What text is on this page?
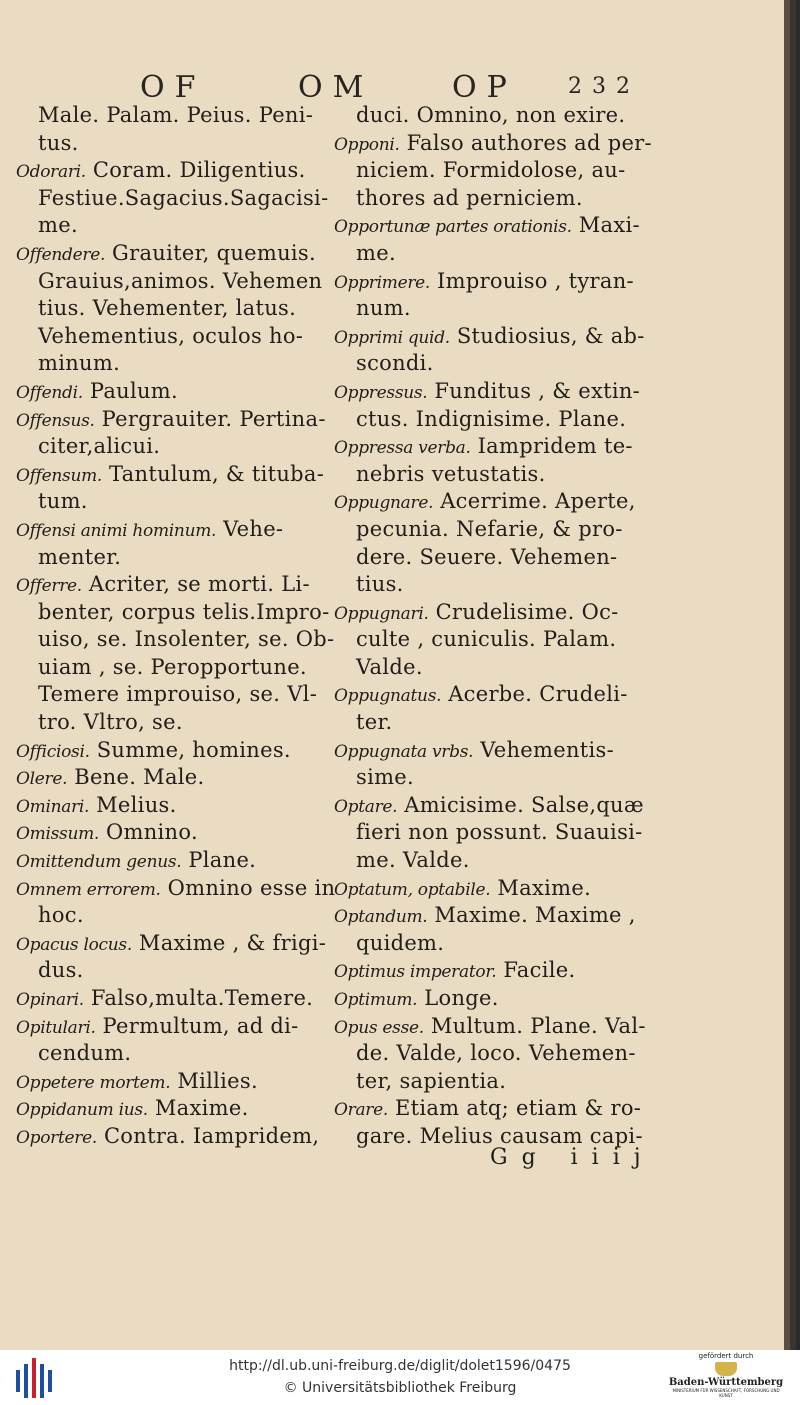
OF	OM	OP 232
Male. Palam. Peius. Peni-
tus.
Odorari. Coram. Diligentius.
Festiue.Sagacius.Sagacisi-
me.
Offendere. Grauiter, quemuis.
Grauius,animos. Vehemen
tius. Vehementer, latus.
Vehementius, oculos ho-
minum.
Offendi. Paulum.
Offensus. Pergrauiter. Pertina-
citer,alicui.
Offensum. Tantulum, & tituba-
tum.
Offensi animi hominum. Vehe-
menter.
Offerre. Acriter, se morti. Li-
benter, corpus telis.Impro-
uiso, se. Insolenter, se. Ob-
uiam , se. Peropportune.
Temere improuiso, se. Vl-
tro. Vltro, se.
Officiosi. Summe, homines.
Olere. Bene. Male.
Ominari. Melius.
Omissum. Omnino.
Omittendum genus. Plane.
Omnem errorem. Omnino esse in
hoc.
Opacus locus. Maxime , & frigi-
dus.
Opinari. Falso,multa.Temere.
Opitulari. Permultum, ad di-
cendum.
Oppetere mortem. Millies.
Oppidanum ius. Maxime.
Oportere. Contra. Iampridem,
duci. Omnino, non exire.
Opponi. Falso authores ad per-
niciem. Formidolose, au-
thores ad perniciem.
Opportunæ partes orationis. Maxi-
me.
Opprimere. Improuiso , tyran-
num.
Opprimi quid. Studiosius, & ab-
scondi.
Oppressus. Funditus , & extin-
ctus. Indignisime. Plane.
Oppressa verba. Iampridem te-
nebris vetustatis.
Oppugnare. Acerrime. Aperte,
pecunia. Nefarie, & pro-
dere. Seuere. Vehemen-
tius.
Oppugnari. Crudelisime. Oc-
culte , cuniculis. Palam.
Valde.
Oppugnatus. Acerbe. Crudeli-
ter.
Oppugnata vrbs. Vehementis-
sime.
Optare. Amicisime. Salse,quæ
fieri non possunt. Suauisi-
me. Valde.
Optatum, optabile. Maxime.
Optandum. Maxime. Maxime ,
quidem.
Optimus imperator. Facile.
Optimum. Longe.
Opus esse. Multum. Plane. Val-
de. Valde, loco. Vehemen-
ter, sapientia.
Orare. Etiam atq; etiam & ro-
gare. Melius causam capi-
Gg iiij
http://dl.ub.uni-freiburg.de/diglit/dolet1596/0475
© Universitätsbibliothek Freiburg
gefördert durch
Baden-Württemberg
MINISTERIUM FÜR WISSENSCHAFT, FORSCHUNG UND KUNST
